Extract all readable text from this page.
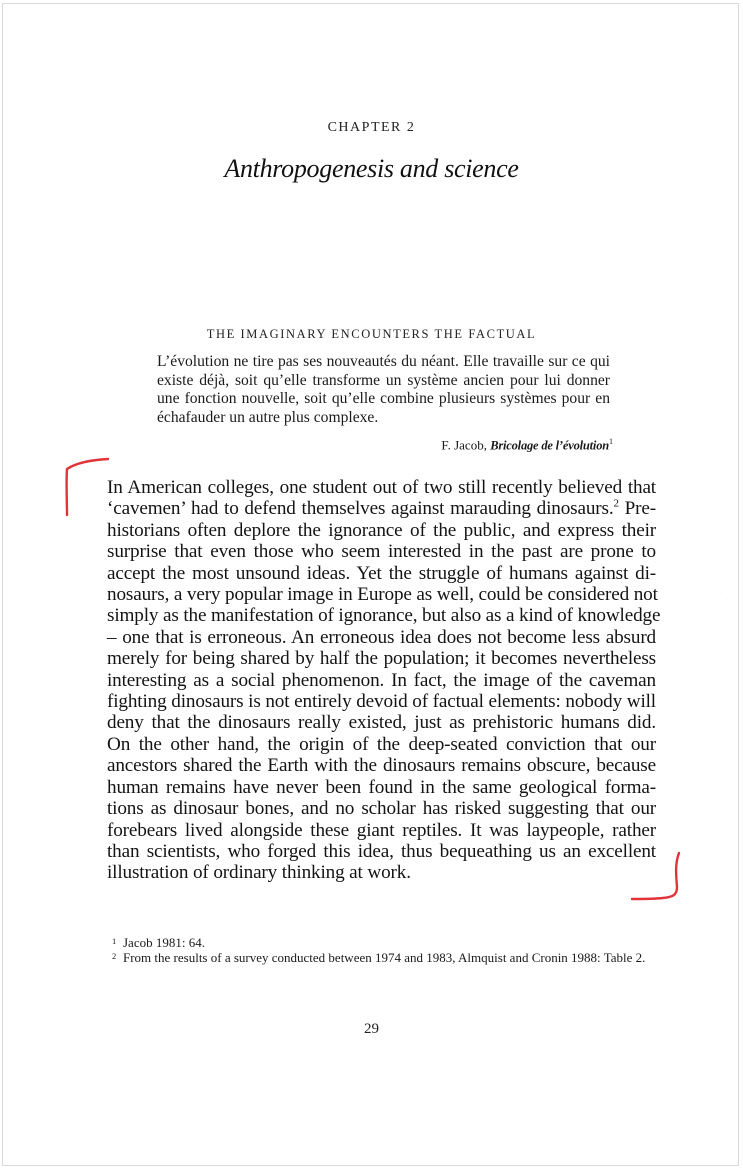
CHAPTER 2
Anthropogenesis and science
THE IMAGINARY ENCOUNTERS THE FACTUAL

L’évolution ne tire pas ses nouveautés du néant. Elle travaille sur ce qui existe déjà, soit qu’elle transforme un système ancien pour lui donner une fonction nouvelle, soit qu’elle combine plusieurs systèmes pour en échafauder un autre plus complexe.

F. Jacob, Bricolage de l’évolution$^1$
In American colleges, one student out of two still recently believed that
‘cavemen’ had to defend themselves against marauding dinosaurs.$^2$ Pre-
historians often deplore the ignorance of the public, and express their
surprise that even those who seem interested in the past are prone to
accept the most unsound ideas. Yet the struggle of humans against di-
nosaurs, a very popular image in Europe as well, could be considered not
simply as the manifestation of ignorance, but also as a kind of knowledge
– one that is erroneous. An erroneous idea does not become less absurd
merely for being shared by half the population; it becomes nevertheless
interesting as a social phenomenon. In fact, the image of the caveman
fighting dinosaurs is not entirely devoid of factual elements: nobody will
deny that the dinosaurs really existed, just as prehistoric humans did.
On the other hand, the origin of the deep-seated conviction that our
ancestors shared the Earth with the dinosaurs remains obscure, because
human remains have never been found in the same geological forma-
tions as dinosaur bones, and no scholar has risked suggesting that our
forebears lived alongside these giant reptiles. It was laypeople, rather
than scientists, who forged this idea, thus bequeathing us an excellent
illustration of ordinary thinking at work.
1 Jacob 1981: 64.
2 From the results of a survey conducted between 1974 and 1983, Almquist and Cronin 1988: Table 2.
29
·
·
·

·
·

·
·
